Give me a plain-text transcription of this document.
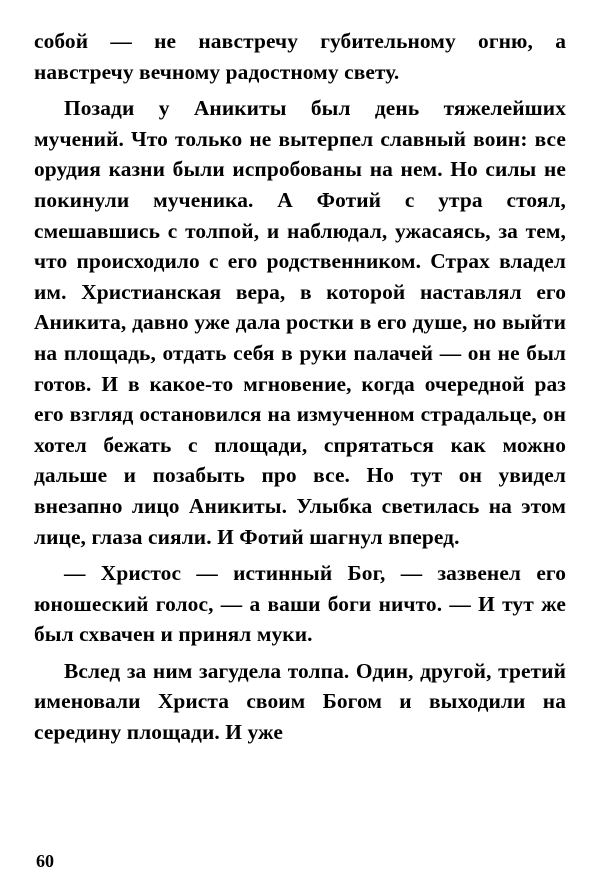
собой — не навстречу губительному огню, а навстречу вечному радостному свету.

Позади у Аникиты был день тяжелейших мучений. Что только не вытерпел славный воин: все орудия казни были испробованы на нем. Но силы не покинули мученика. А Фотий с утра стоял, смешавшись с толпой, и наблюдал, ужасаясь, за тем, что происходило с его родственником. Страх владел им. Христианская вера, в которой наставлял его Аникита, давно уже дала ростки в его душе, но выйти на площадь, отдать себя в руки палачей — он не был готов. И в какое-то мгновение, когда очередной раз его взгляд остановился на измученном страдальце, он хотел бежать с площади, спрятаться как можно дальше и позабыть про все. Но тут он увидел внезапно лицо Аникиты. Улыбка светилась на этом лице, глаза сияли. И Фотий шагнул вперед.

— Христос — истинный Бог, — зазвенел его юношеский голос, — а ваши боги ничто. — И тут же был схвачен и принял муки.

Вслед за ним загудела толпа. Один, другой, третий именовали Христа своим Богом и выходили на середину площади. И уже

60
